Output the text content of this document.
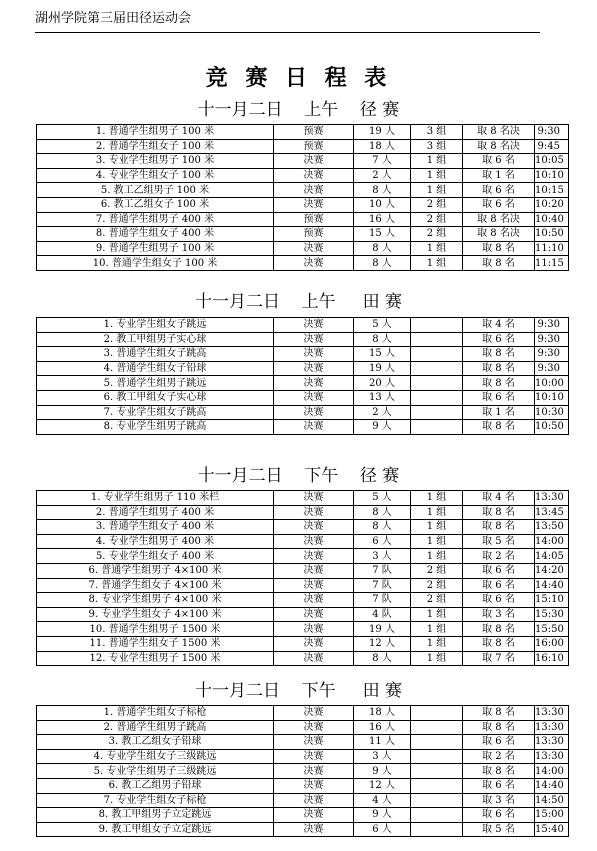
湖州学院第三届田径运动会
竞 赛 日 程 表
十一月二日    上午    径 赛
1. 普通学生组男子 100 米	预赛	19 人	3 组	取 8 名决	9:30
2. 普通学生组女子 100 米	预赛	18 人	3 组	取 8 名决	9:45
3. 专业学生组男子 100 米	决赛	7 人	1 组	取 6 名	10:05
4. 专业学生组女子 100 米	决赛	2 人	1 组	取 1 名	10:10
5. 教工乙组男子 100 米	决赛	8 人	1 组	取 6 名	10:15
6. 教工乙组女子 100 米	决赛	10 人	2 组	取 6 名	10:20
7. 普通学生组男子 400 米	预赛	16 人	2 组	取 8 名决	10:40
8. 普通学生组女子 400 米	预赛	15 人	2 组	取 8 名决	10:50
9. 普通学生组男子 100 米	决赛	8 人	1 组	取 8 名	11:10
10. 普通学生组女子 100 米	决赛	8 人	1 组	取 8 名	11:15
十一月二日    上午     田 赛
1. 专业学生组女子跳远	决赛	5 人		取 4 名	9:30
2. 教工甲组男子实心球	决赛	8 人		取 6 名	9:30
3. 普通学生组女子跳高	决赛	15 人		取 8 名	9:30
4. 普通学生组女子铅球	决赛	19 人		取 8 名	9:30
5. 普通学生组男子跳远	决赛	20 人		取 8 名	10:00
6. 教工甲组女子实心球	决赛	13 人		取 6 名	10:10
7. 专业学生组女子跳高	决赛	2 人		取 1 名	10:30
8. 专业学生组男子跳高	决赛	9 人		取 8 名	10:50
十一月二日    下午    径 赛
1. 专业学生组男子 110 米栏	决赛	5 人	1 组	取 4 名	13:30
2. 普通学生组男子 400 米	决赛	8 人	1 组	取 8 名	13:45
3. 普通学生组女子 400 米	决赛	8 人	1 组	取 8 名	13:50
4. 专业学生组男子 400 米	决赛	6 人	1 组	取 5 名	14:00
5. 专业学生组女子 400 米	决赛	3 人	1 组	取 2 名	14:05
6. 普通学生组男子 4×100 米	决赛	7 队	2 组	取 6 名	14:20
7. 普通学生组女子 4×100 米	决赛	7 队	2 组	取 6 名	14:40
8. 专业学生组男子 4×100 米	决赛	7 队	2 组	取 6 名	15:10
9. 专业学生组女子 4×100 米	决赛	4 队	1 组	取 3 名	15:30
10. 普通学生组男子 1500 米	决赛	19 人	1 组	取 8 名	15:50
11. 普通学生组女子 1500 米	决赛	12 人	1 组	取 8 名	16:00
12. 专业学生组男子 1500 米	决赛	8 人	1 组	取 7 名	16:10
十一月二日    下午     田 赛
1. 普通学生组女子标枪	决赛	18 人		取 8 名	13:30
2. 普通学生组男子跳高	决赛	16 人		取 8 名	13:30
3. 教工乙组女子铅球	决赛	11 人		取 6 名	13:30
4. 专业学生组女子三级跳远	决赛	3 人		取 2 名	13:30
5. 专业学生组男子三级跳远	决赛	9 人		取 8 名	14:00
6. 教工乙组男子铅球	决赛	12 人		取 6 名	14:40
7. 专业学生组女子标枪	决赛	4 人		取 3 名	14:50
8. 教工甲组男子立定跳远	决赛	9 人		取 6 名	15:00
9. 教工甲组女子立定跳远	决赛	6 人		取 5 名	15:40
